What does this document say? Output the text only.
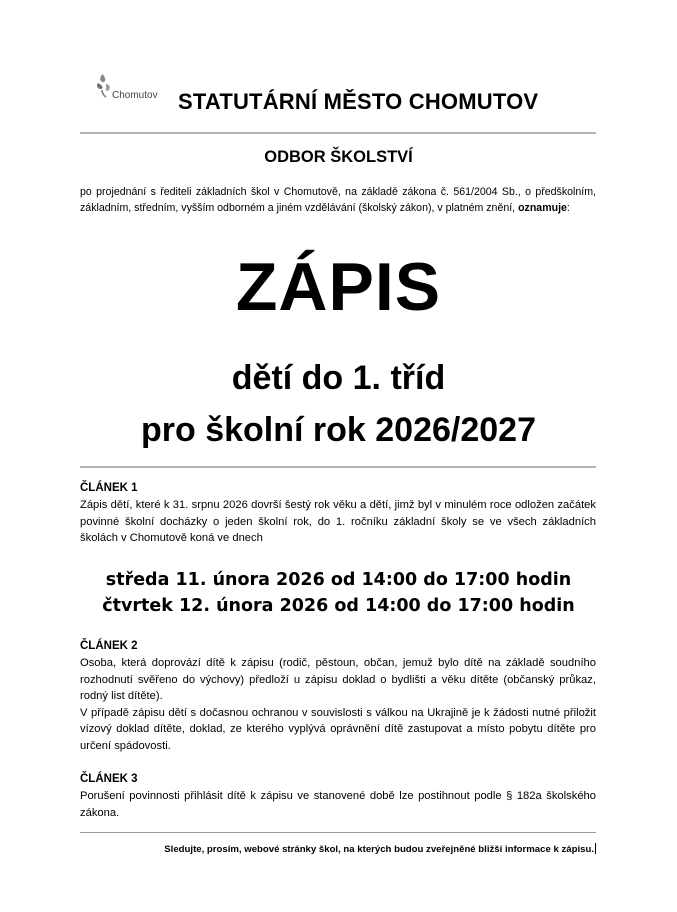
Chomutov STATUTÁRNÍ MĚSTO CHOMUTOV
ODBOR ŠKOLSTVÍ
po projednání s řediteli základních škol v Chomutově, na základě zákona č. 561/2004 Sb., o předškolním, základním, středním, vyšším odborném a jiném vzdělávání (školský zákon), v platném znění, oznamuje:
ZÁPIS
dětí do 1. tříd
pro školní rok 2026/2027
ČLÁNEK 1
Zápis dětí, které k 31. srpnu 2026 dovrší šestý rok věku a dětí, jimž byl v minulém roce odložen začátek povinné školní docházky o jeden školní rok, do 1. ročníku základní školy se ve všech základních školách v Chomutově koná ve dnech
středa 11. února 2026 od 14:00 do 17:00 hodin
čtvrtek 12. února 2026 od 14:00 do 17:00 hodin
ČLÁNEK 2

Osoba, která doprovází dítě k zápisu (rodič, pěstoun, občan, jemuž bylo dítě na základě soudního rozhodnutí svěřeno do výchovy) předloží u zápisu doklad o bydlišti a věku dítěte (občanský průkaz, rodný list dítěte).

V případě zápisu dětí s dočasnou ochranou v souvislosti s válkou na Ukrajině je k žádosti nutné přiložit vízový doklad dítěte, doklad, ze kterého vyplývá oprávnění dítě zastupovat a místo pobytu dítěte pro určení spádovosti.

ČLÁNEK 3
Porušení povinnosti přihlásit dítě k zápisu ve stanovené době lze postihnout podle § 182a školského zákona.
Sledujte, prosím, webové stránky škol, na kterých budou zveřejněné bližší informace k zápisu.
